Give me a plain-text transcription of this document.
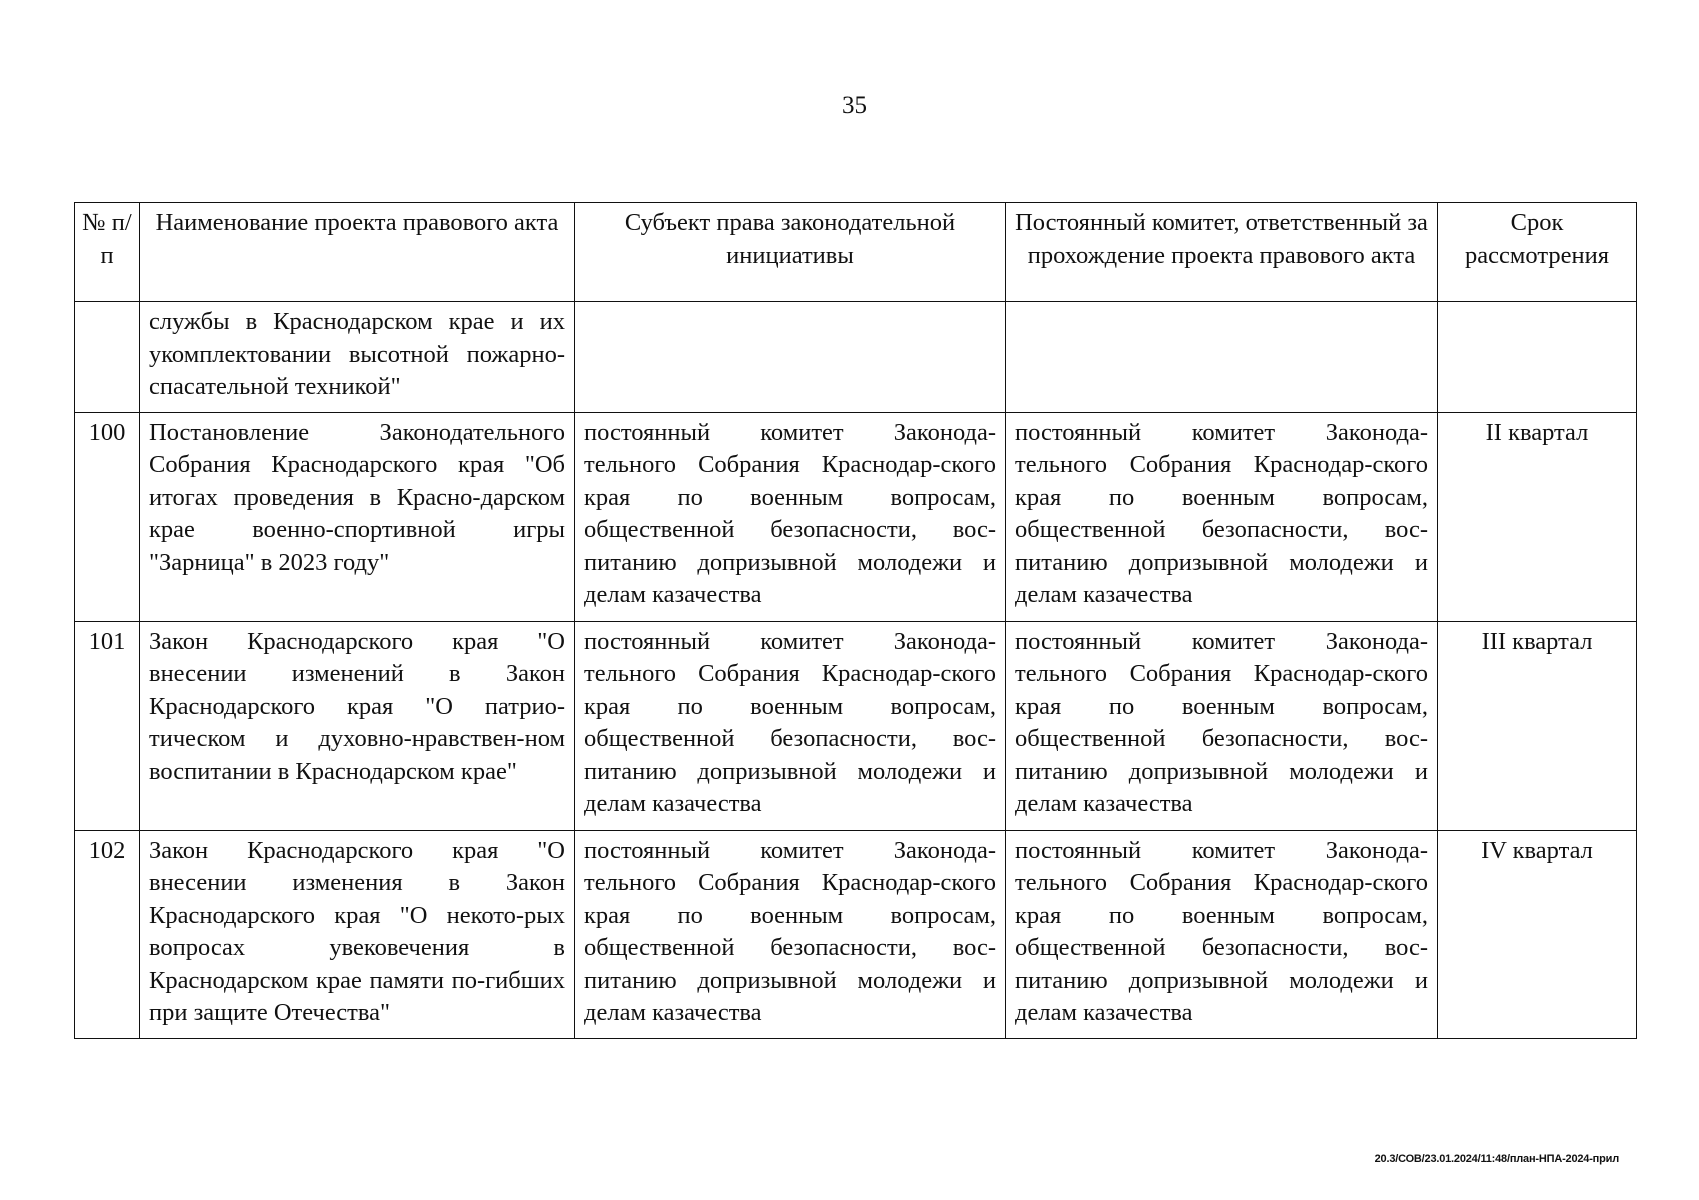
35
№ п/п	Наименование проекта правового акта	Субъект права законодательной инициативы	Постоянный комитет, ответственный за прохождение проекта правового акта	Срок рассмотрения
	службы в Краснодарском крае и их укомплектовании высотной пожарно-спасательной техникой"			
100	Постановление Законодательного Собрания Краснодарского края "Об итогах проведения в Красно-дарском крае военно-спортивной игры "Зарница" в 2023 году"	постоянный комитет Законода-тельного Собрания Краснодар-ского края по военным вопросам, общественной безопасности, вос-питанию допризывной молодежи и делам казачества	постоянный комитет Законода-тельного Собрания Краснодар-ского края по военным вопросам, общественной безопасности, вос-питанию допризывной молодежи и делам казачества	II квартал
101	Закон Краснодарского края "О внесении изменений в Закон Краснодарского края "О патрио-тическом и духовно-нравствен-ном воспитании в Краснодарском крае"	постоянный комитет Законода-тельного Собрания Краснодар-ского края по военным вопросам, общественной безопасности, вос-питанию допризывной молодежи и делам казачества	постоянный комитет Законода-тельного Собрания Краснодар-ского края по военным вопросам, общественной безопасности, вос-питанию допризывной молодежи и делам казачества	III квартал
102	Закон Краснодарского края "О внесении изменения в Закон Краснодарского края "О некото-рых вопросах увековечения в Краснодарском крае памяти по-гибших при защите Отечества"	постоянный комитет Законода-тельного Собрания Краснодар-ского края по военным вопросам, общественной безопасности, вос-питанию допризывной молодежи и делам казачества	постоянный комитет Законода-тельного Собрания Краснодар-ского края по военным вопросам, общественной безопасности, вос-питанию допризывной молодежи и делам казачества	IV квартал
20.3/СОВ/23.01.2024/11:48/план-НПА-2024-прил
